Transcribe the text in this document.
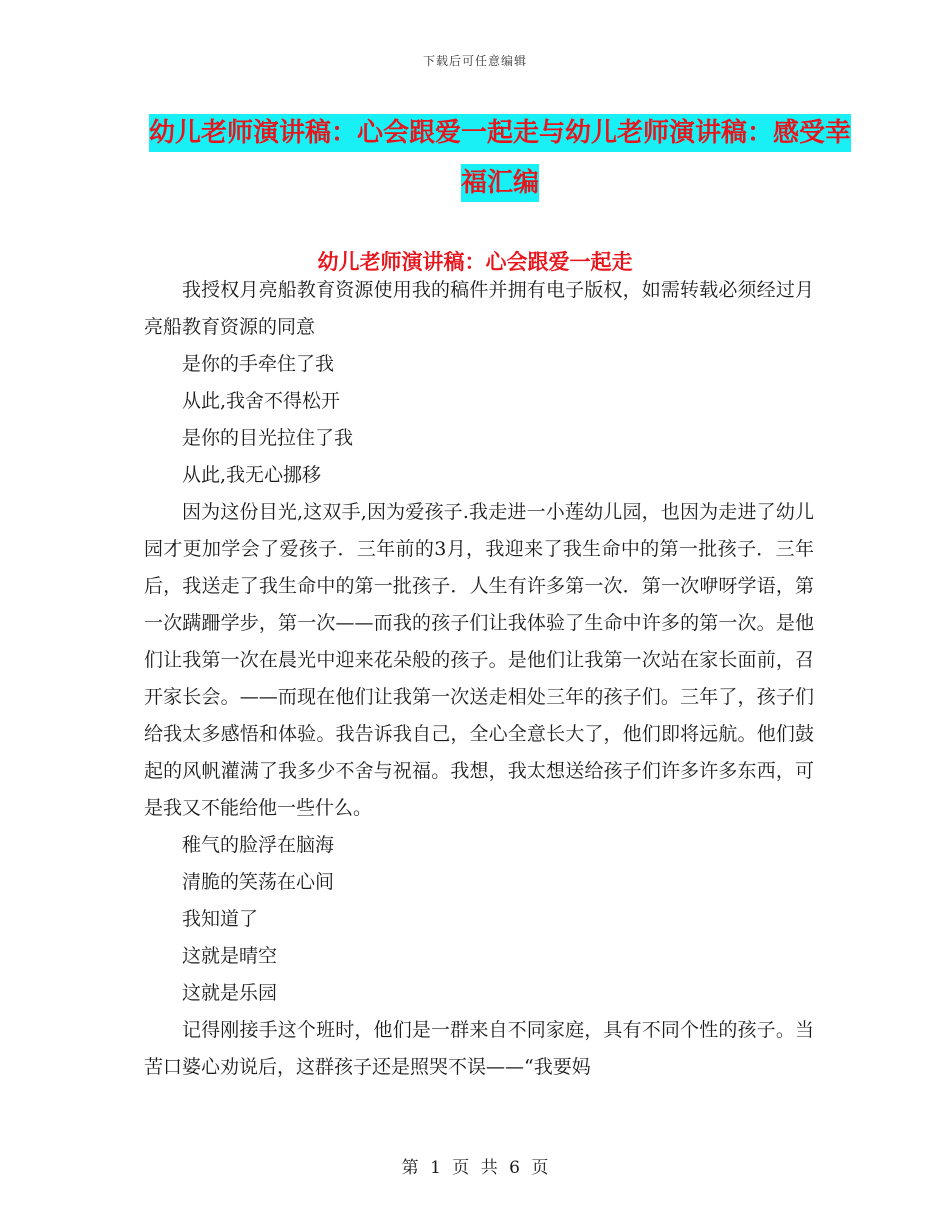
下载后可任意编辑
幼儿老师演讲稿：心会跟爱一起走与幼儿老师演讲稿：感受幸福汇编
幼儿老师演讲稿：心会跟爱一起走

我授权月亮船教育资源使用我的稿件并拥有电子版权，如需转载必须经过月亮船教育资源的同意

是你的手牵住了我

从此,我舍不得松开

是你的目光拉住了我

从此,我无心挪移

因为这份目光,这双手,因为爱孩子.我走进一小莲幼儿园，也因为走进了幼儿园才更加学会了爱孩子．三年前的3月，我迎来了我生命中的第一批孩子．三年后，我送走了我生命中的第一批孩子．人生有许多第一次．第一次咿呀学语，第一次蹒跚学步，第一次——而我的孩子们让我体验了生命中许多的第一次。是他们让我第一次在晨光中迎来花朵般的孩子。是他们让我第一次站在家长面前，召开家长会。——而现在他们让我第一次送走相处三年的孩子们。三年了，孩子们给我太多感悟和体验。我告诉我自己，全心全意长大了，他们即将远航。他们鼓起的风帆灌满了我多少不舍与祝福。我想，我太想送给孩子们许多许多东西，可是我又不能给他一些什么。

稚气的脸浮在脑海

清脆的笑荡在心间

我知道了

这就是晴空

这就是乐园

记得刚接手这个班时，他们是一群来自不同家庭，具有不同个性的孩子。当苦口婆心劝说后，这群孩子还是照哭不误——“我要妈

第 1 页 共 6 页
